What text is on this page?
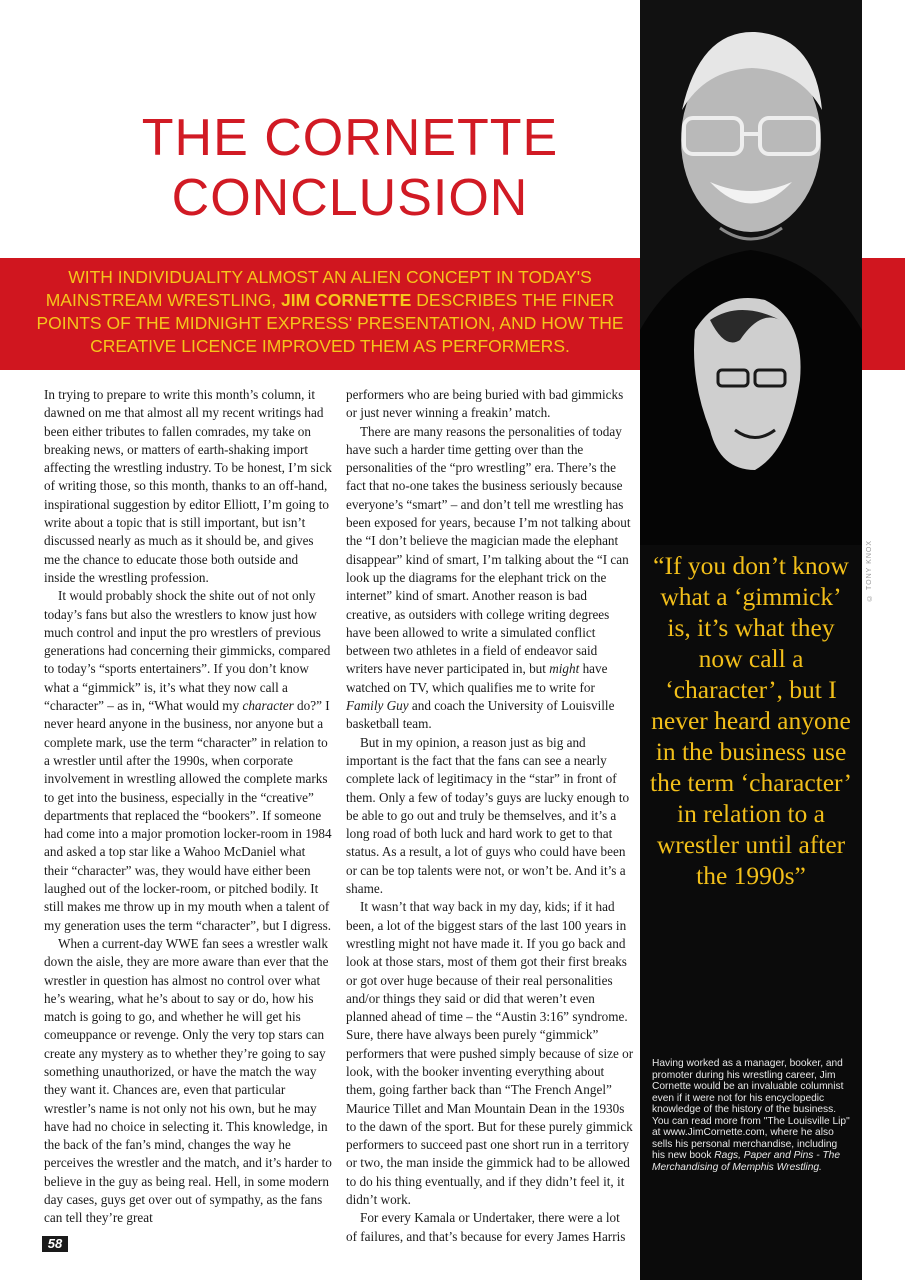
THE CORNETTE CONCLUSION

WITH INDIVIDUALITY ALMOST AN ALIEN CONCEPT IN TODAY'S MAINSTREAM WRESTLING, JIM CORNETTE DESCRIBES THE FINER POINTS OF THE MIDNIGHT EXPRESS' PRESENTATION, AND HOW THE CREATIVE LICENCE IMPROVED THEM AS PERFORMERS.

© TONY KNOX

“If you don’t know what a ‘gimmick’ is, it’s what they now call a ‘character’, but I never heard anyone in the business use the term ‘character’ in relation to a wrestler until after the 1990s”

Having worked as a manager, booker, and promoter during his wrestling career, Jim Cornette would be an invaluable columnist even if it were not for his encyclopedic knowledge of the history of the business. You can read more from "The Louisville Lip" at www.JimCornette.com, where he also sells his personal merchandise, including his new book Rags, Paper and Pins - The Merchandising of Memphis Wrestling.

In trying to prepare to write this month’s column, it dawned on me that almost all my recent writings had been either tributes to fallen comrades, my take on breaking news, or matters of earth-shaking import affecting the wrestling industry. To be honest, I’m sick of writing those, so this month, thanks to an off-hand, inspirational suggestion by editor Elliott, I’m going to write about a topic that is still important, but isn’t discussed nearly as much as it should be, and gives me the chance to educate those both outside and inside the wrestling profession.

It would probably shock the shite out of not only today’s fans but also the wrestlers to know just how much control and input the pro wrestlers of previous generations had concerning their gimmicks, compared to today’s “sports entertainers”. If you don’t know what a “gimmick” is, it’s what they now call a “character” – as in, “What would my character do?” I never heard anyone in the business, nor anyone but a complete mark, use the term “character” in relation to a wrestler until after the 1990s, when corporate involvement in wrestling allowed the complete marks to get into the business, especially in the “creative” departments that replaced the “bookers”. If someone had come into a major promotion locker-room in 1984 and asked a top star like a Wahoo McDaniel what their “character” was, they would have either been laughed out of the locker-room, or pitched bodily. It still makes me throw up in my mouth when a talent of my generation uses the term “character”, but I digress.

When a current-day WWE fan sees a wrestler walk down the aisle, they are more aware than ever that the wrestler in question has almost no control over what he’s wearing, what he’s about to say or do, how his match is going to go, and whether he will get his comeuppance or revenge. Only the very top stars can create any mystery as to whether they’re going to say something unauthorized, or have the match the way they want it. Chances are, even that particular wrestler’s name is not only not his own, but he may have had no choice in selecting it. This knowledge, in the back of the fan’s mind, changes the way he perceives the wrestler and the match, and it’s harder to believe in the guy as being real. Hell, in some modern day cases, guys get over out of sympathy, as the fans can tell they’re great

performers who are being buried with bad gimmicks or just never winning a freakin’ match.

There are many reasons the personalities of today have such a harder time getting over than the personalities of the “pro wrestling” era. There’s the fact that no-one takes the business seriously because everyone’s “smart” – and don’t tell me wrestling has been exposed for years, because I’m not talking about the “I don’t believe the magician made the elephant disappear” kind of smart, I’m talking about the “I can look up the diagrams for the elephant trick on the internet” kind of smart. Another reason is bad creative, as outsiders with college writing degrees have been allowed to write a simulated conflict between two athletes in a field of endeavor said writers have never participated in, but might have watched on TV, which qualifies me to write for Family Guy and coach the University of Louisville basketball team.

But in my opinion, a reason just as big and important is the fact that the fans can see a nearly complete lack of legitimacy in the “star” in front of them. Only a few of today’s guys are lucky enough to be able to go out and truly be themselves, and it’s a long road of both luck and hard work to get to that status. As a result, a lot of guys who could have been or can be top talents were not, or won’t be. And it’s a shame.

It wasn’t that way back in my day, kids; if it had been, a lot of the biggest stars of the last 100 years in wrestling might not have made it. If you go back and look at those stars, most of them got their first breaks or got over huge because of their real personalities and/or things they said or did that weren’t even planned ahead of time – the “Austin 3:16” syndrome. Sure, there have always been purely “gimmick” performers that were pushed simply because of size or look, with the booker inventing everything about them, going farther back than “The French Angel” Maurice Tillet and Man Mountain Dean in the 1930s to the dawn of the sport. But for these purely gimmick performers to succeed past one short run in a territory or two, the man inside the gimmick had to be allowed to do his thing eventually, and if they didn’t feel it, it didn’t work.

For every Kamala or Undertaker, there were a lot of failures, and that’s because for every James Harris

58
